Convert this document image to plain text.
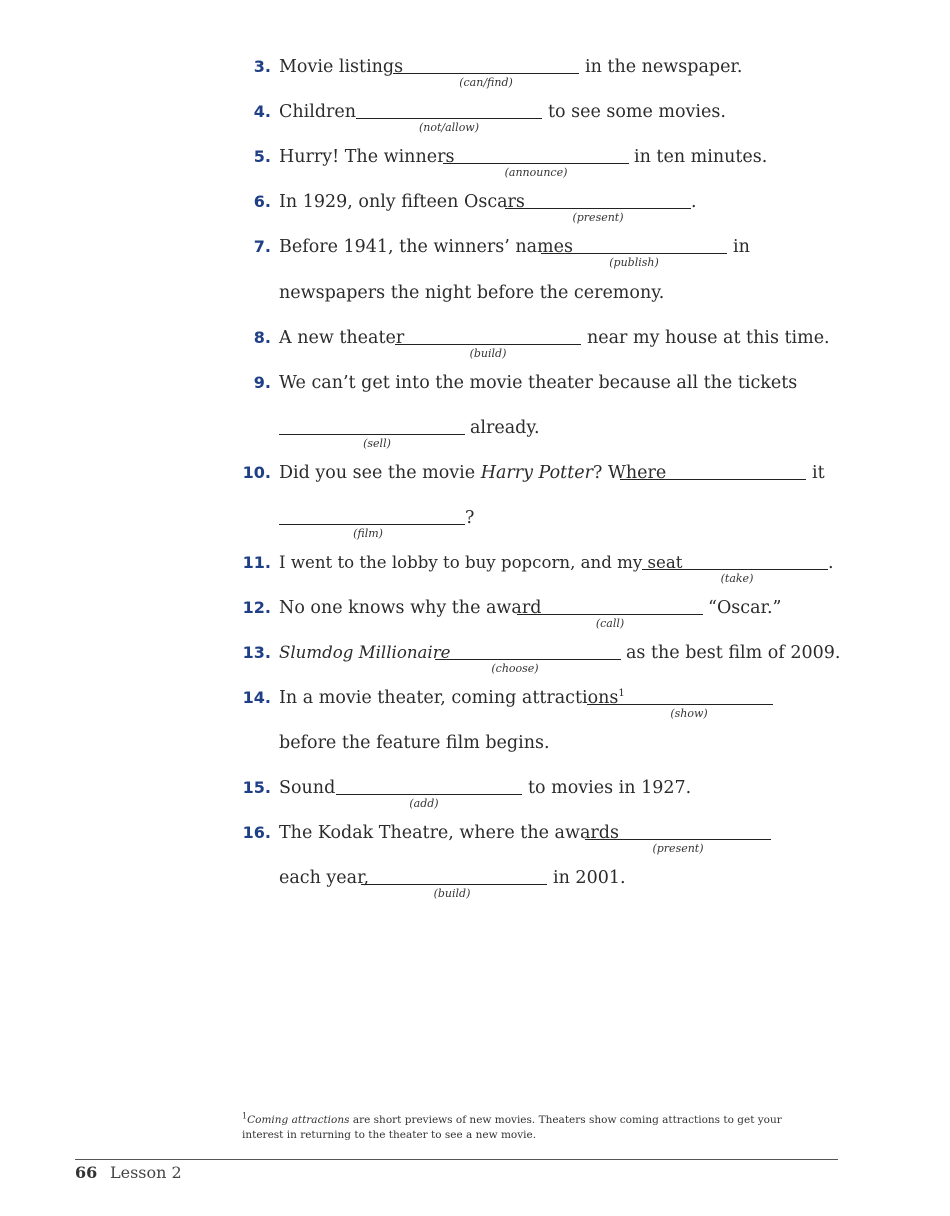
3. Movie listings	in the newspaper.
(can/find)
4. Children	to see some movies.
(not/allow)
5. Hurry! The winners	in ten minutes.
(announce)
6. In 1929, only fifteen Oscars	.
(present)
7. Before 1941, the winners’ names	in
(publish)
newspapers the night before the ceremony.
8. A new theater	near my house at this time.
(build)
9. We can’t get into the movie theater because all the tickets
already.
(sell)
10. Did you see the movie Harry Potter? Where	it
?
(film)
11. I went to the lobby to buy popcorn, and my seat	.
(take)
12. No one knows why the award	“Oscar.”
(call)
13. Slumdog Millionaire	as the best film of 2009.
(choose)
14. In a movie theater, coming attractions$^1$
(show)
before the feature film begins.
15. Sound	to movies in 1927.
(add)
16. The Kodak Theatre, where the awards
(present)
each year,	in 2001.
(build)
$^1$Coming attractions are short previews of new movies. Theaters show coming attractions to get your interest in returning to the theater to see a new movie.
66 Lesson 2
